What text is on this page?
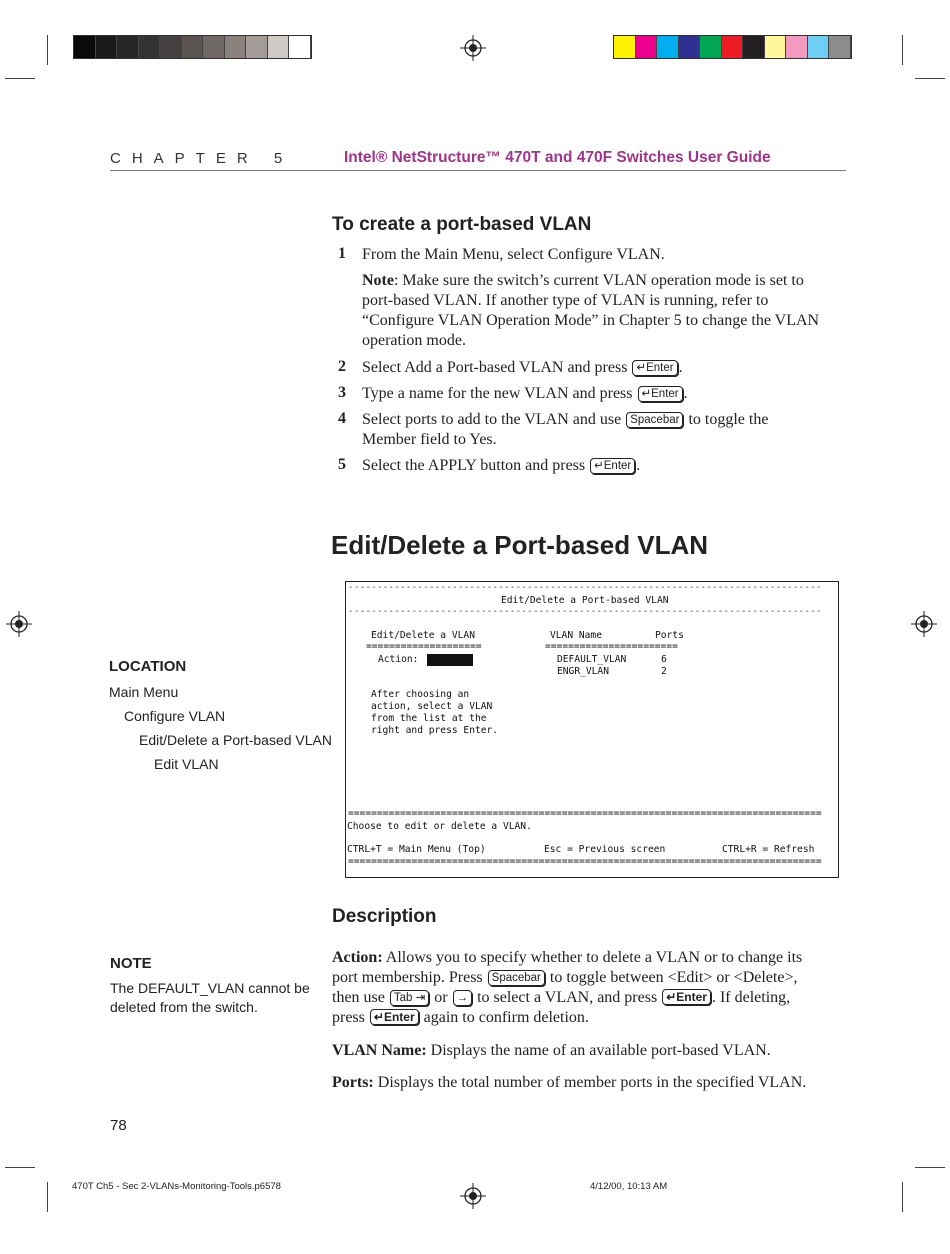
CHAPTER 5	Intel® NetStructure™ 470T and 470F Switches User Guide
To create a port-based VLAN
1 From the Main Menu, select Configure VLAN.
Note: Make sure the switch’s current VLAN operation mode is set to
port-based VLAN. If another type of VLAN is running, refer to
“Configure VLAN Operation Mode” in Chapter 5 to change the VLAN
operation mode.
2 Select Add a Port-based VLAN and press ↵Enter .
3 Type a name for the new VLAN and press ↵Enter .
4 Select ports to add to the VLAN and use Spacebar to toggle the
Member field to Yes.
5 Select the APPLY button and press ↵Enter .
Edit/Delete a Port-based VLAN
----------------------------------------------------------------------------------
Edit/Delete a Port-based VLAN
----------------------------------------------------------------------------------
Edit/Delete a VLAN
====================
Action: <Edit  >
After choosing an
action, select a VLAN
from the list at the
right and press Enter.
VLAN Name	Ports
=======================
DEFAULT_VLAN	6
ENGR_VLAN	2
==================================================================================
Choose to edit or delete a VLAN.
CTRL+T = Main Menu (Top)	Esc = Previous screen	CTRL+R = Refresh
==================================================================================
LOCATION
Main Menu
Configure VLAN
Edit/Delete a Port-based VLAN
Edit VLAN
Description
NOTE
The DEFAULT_VLAN cannot be
deleted from the switch.
Action: Allows you to specify whether to delete a VLAN or to change its
port membership. Press Spacebar to toggle between <Edit> or <Delete>,
then use Tab ⇥ or → to select a VLAN, and press ↵Enter . If deleting,
press ↵Enter again to confirm deletion.
VLAN Name: Displays the name of an available port-based VLAN.
Ports: Displays the total number of member ports in the specified VLAN.
78
470T Ch5 - Sec 2-VLANs-Monitoring-Tools.p6578	4/12/00, 10:13 AM
